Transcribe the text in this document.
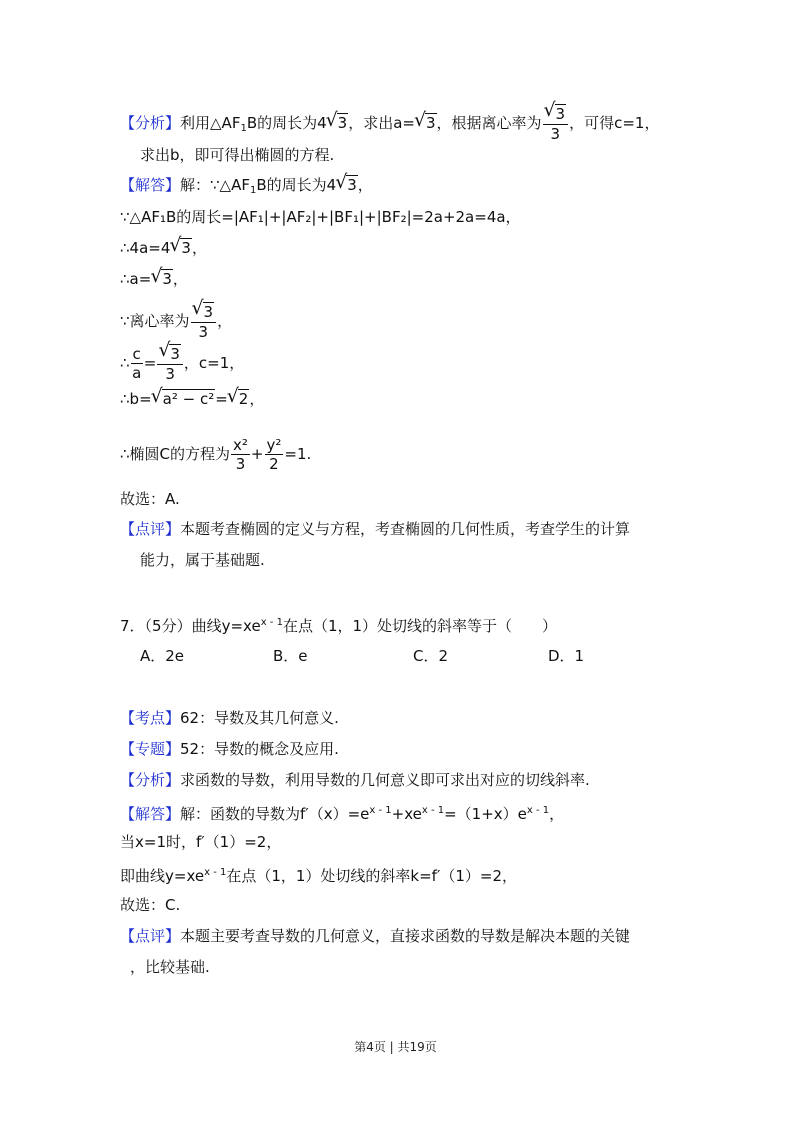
【分析】利用$\triangle AF_1B$的周长为4 √ 3，求出a= √ 3，根据离心率为 √ $\frac{3}{3}$ ，可得c=1，
求出b，即可得出椭圆的方程.
【解答】解：$\because\triangle AF_1B$的周长为4 √ 3，
∵△AF₁B的周长=|AF₁|+|AF₂|+|BF₁|+|BF₂|=2a+2a=4a，
∴4a=4 √ 3，
∴a= √ 3，
∵离心率为 √ $\frac{3}{3}$ ，
∴ $\frac{c}{a}$ = √ $\frac{3}{3}$ ，c=1，
∴b= √ a² − c²= √ 2，
∴椭圆C的方程为 $\frac{\text{x²}}{3} + \frac{\text{y²}}{2} =1$.
故选：A.
【点评】本题考查椭圆的定义与方程，考查椭圆的几何性质，考查学生的计算
能力，属于基础题.
7．（5分）曲线$y=xe^{x - 1}$在点（1，1）处切线的斜率等于（　　）
A．2e	B．e	C．2	D．1
【考点】62：导数及其几何意义.
【专题】52：导数的概念及应用.
【分析】求函数的导数，利用导数的几何意义即可求出对应的切线斜率.
【解答】解：函数的导数为$f'(x)=e^{x - 1}+xe^{x - 1}=(1+x)e^{x - 1}$，
当x=1时，f′（1）=2，
即曲线$y=xe^{x - 1}$在点（1，1）处切线的斜率k=f′（1）=2，
故选：C.
【点评】本题主要考查导数的几何意义，直接求函数的导数是解决本题的关键
，比较基础.
第4页 | 共19页
